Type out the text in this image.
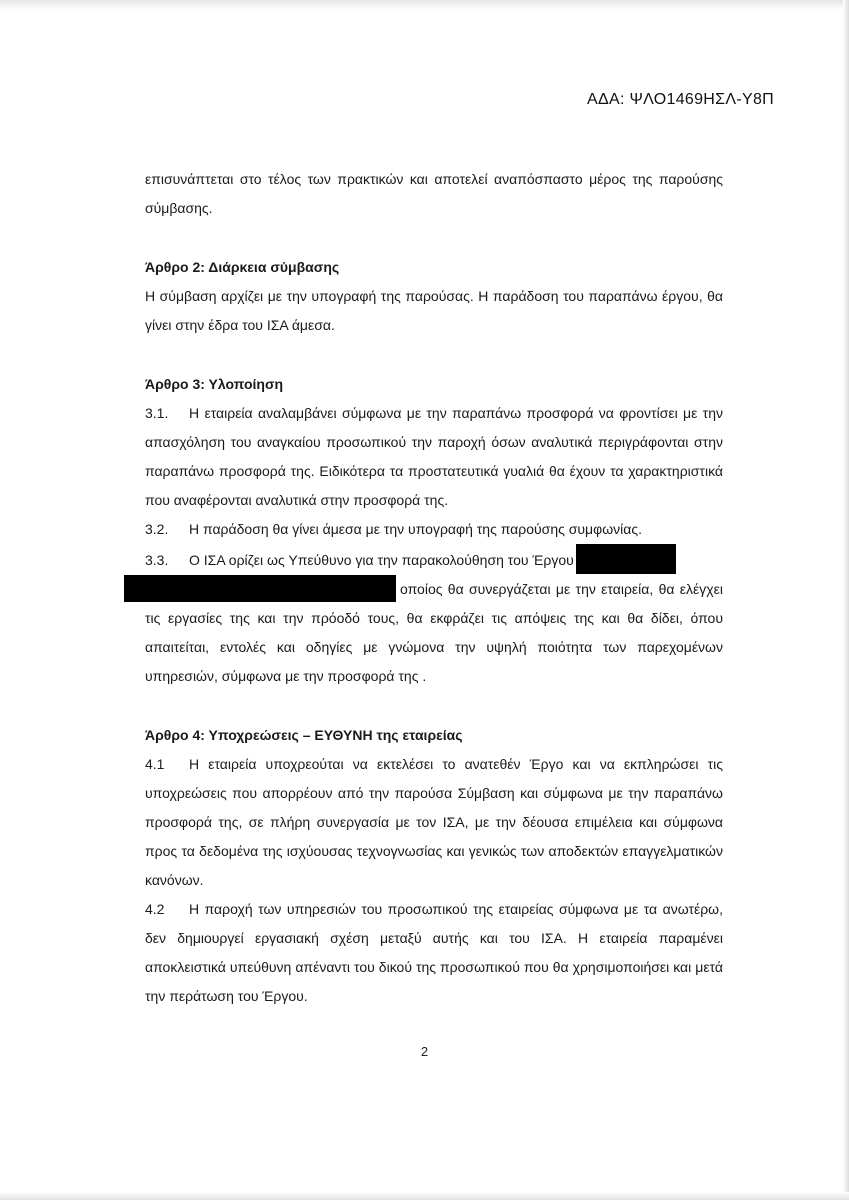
ΑΔΑ: ΨΛΟ1469ΗΣΛ-Υ8Π

επισυνάπτεται στο τέλος των πρακτικών και αποτελεί αναπόσπαστο μέρος της παρούσης σύμβασης.

Άρθρο 2: Διάρκεια σύμβασης

Η σύμβαση αρχίζει με την υπογραφή της παρούσας. Η παράδοση του παραπάνω έργου, θα γίνει στην έδρα του ΙΣΑ άμεσα.

Άρθρο 3: Υλοποίηση

3.1. Η εταιρεία αναλαμβάνει σύμφωνα με την παραπάνω προσφορά να φροντίσει με την απασχόληση του αναγκαίου προσωπικού την παροχή όσων αναλυτικά περιγράφονται στην παραπάνω προσφορά της. Ειδικότερα τα προστατευτικά γυαλιά θα έχουν τα χαρακτηριστικά που αναφέρονται αναλυτικά στην προσφορά της.

3.2. Η παράδοση θα γίνει άμεσα με την υπογραφή της παρούσης συμφωνίας.

3.3. Ο ΙΣΑ ορίζει ως Υπεύθυνο για την παρακολούθηση του Έργου
οποίος θα συνεργάζεται με την εταιρεία, θα ελέγχει τις εργασίες της και την πρόοδό τους, θα εκφράζει τις απόψεις της και θα δίδει, όπου απαιτείται, εντολές και οδηγίες με γνώμονα την υψηλή ποιότητα των παρεχομένων υπηρεσιών, σύμφωνα με την προσφορά της .

Άρθρο 4: Υποχρεώσεις – ΕΥΘΥΝΗ της εταιρείας

4.1 Η εταιρεία υποχρεούται να εκτελέσει το ανατεθέν Έργο και να εκπληρώσει τις υποχρεώσεις που απορρέουν από την παρούσα Σύμβαση και σύμφωνα με την παραπάνω προσφορά της, σε πλήρη συνεργασία με τον ΙΣΑ, με την δέουσα επιμέλεια και σύμφωνα προς τα δεδομένα της ισχύουσας τεχνογνωσίας και γενικώς των αποδεκτών επαγγελματικών κανόνων.

4.2 Η παροχή των υπηρεσιών του προσωπικού της εταιρείας σύμφωνα με τα ανωτέρω, δεν δημιουργεί εργασιακή σχέση μεταξύ αυτής και του ΙΣΑ. Η εταιρεία παραμένει αποκλειστικά υπεύθυνη απέναντι του δικού της προσωπικού που θα χρησιμοποιήσει και μετά την περάτωση του Έργου.

2
